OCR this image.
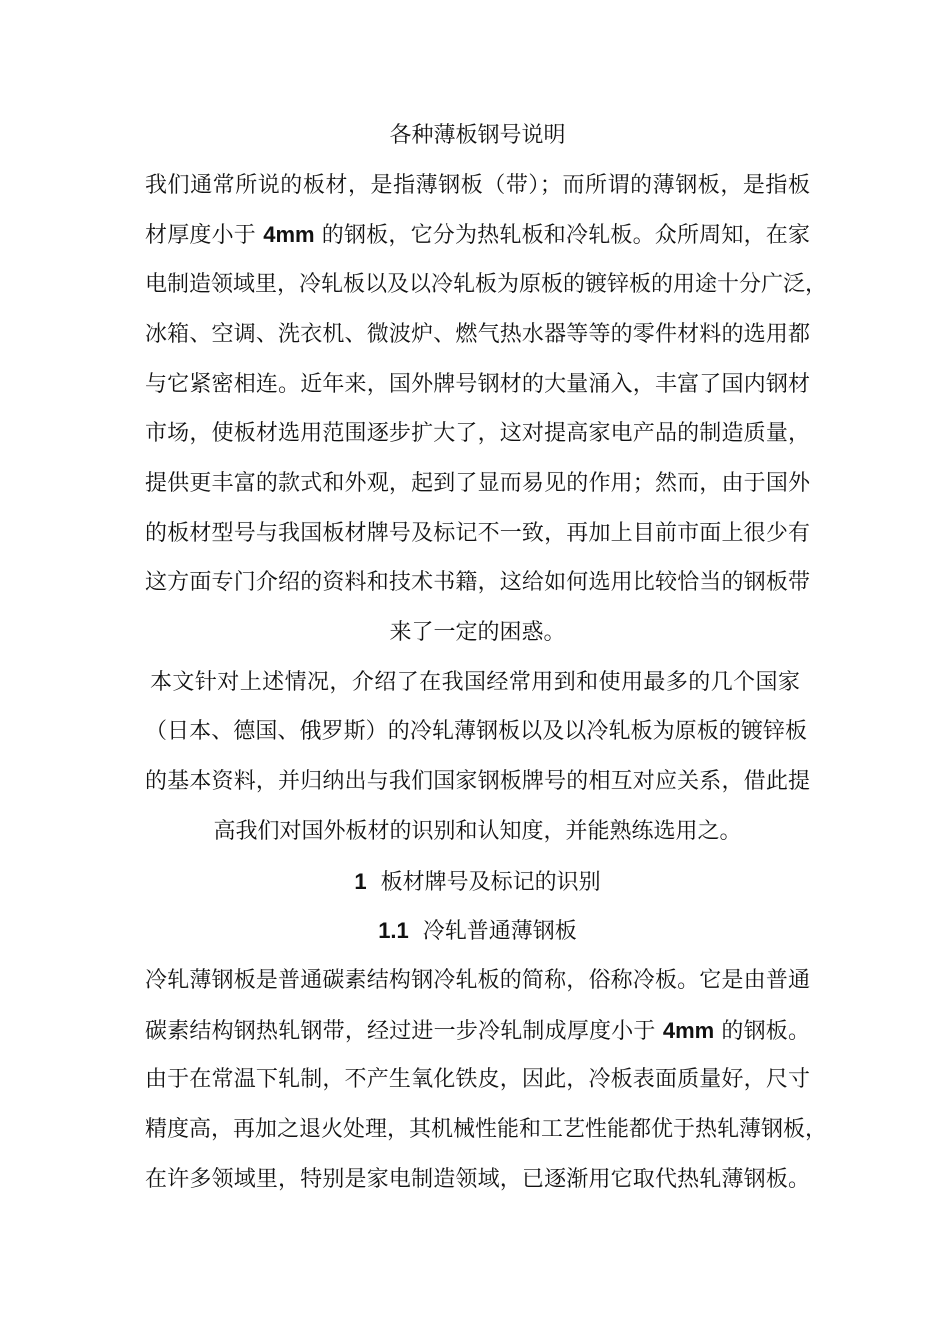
各种薄板钢号说明
我们通常所说的板材，是指薄钢板（带）；而所谓的薄钢板，是指板
材厚度小于 4mm 的钢板，它分为热轧板和冷轧板。众所周知，在家
电制造领域里，冷轧板以及以冷轧板为原板的镀锌板的用途十分广泛，
冰箱、空调、洗衣机、微波炉、燃气热水器等等的零件材料的选用都
与它紧密相连。近年来，国外牌号钢材的大量涌入，丰富了国内钢材
市场，使板材选用范围逐步扩大了，这对提高家电产品的制造质量，
提供更丰富的款式和外观，起到了显而易见的作用；然而，由于国外
的板材型号与我国板材牌号及标记不一致，再加上目前市面上很少有
这方面专门介绍的资料和技术书籍，这给如何选用比较恰当的钢板带
来了一定的困惑。
本文针对上述情况，介绍了在我国经常用到和使用最多的几个国家
（日本、德国、俄罗斯）的冷轧薄钢板以及以冷轧板为原板的镀锌板
的基本资料，并归纳出与我们国家钢板牌号的相互对应关系，借此提
高我们对国外板材的识别和认知度，并能熟练选用之。
1 板材牌号及标记的识别
1.1 冷轧普通薄钢板
冷轧薄钢板是普通碳素结构钢冷轧板的简称，俗称冷板。它是由普通
碳素结构钢热轧钢带，经过进一步冷轧制成厚度小于 4mm 的钢板。
由于在常温下轧制，不产生氧化铁皮，因此，冷板表面质量好，尺寸
精度高，再加之退火处理，其机械性能和工艺性能都优于热轧薄钢板，
在许多领域里，特别是家电制造领域，已逐渐用它取代热轧薄钢板。
